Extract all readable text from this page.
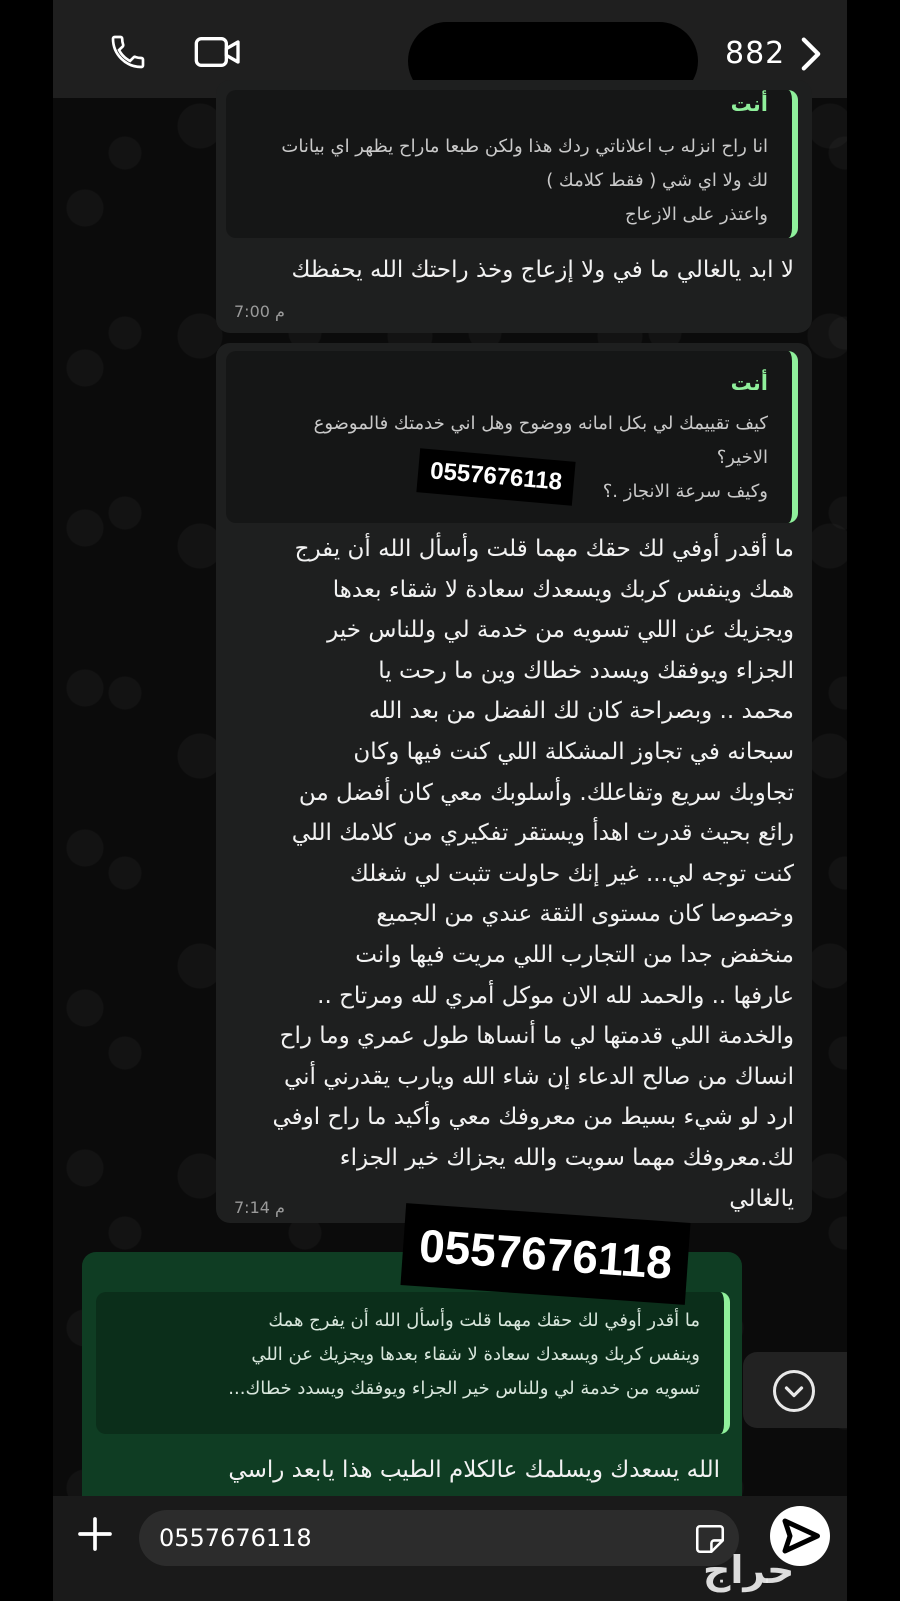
882
أنت
انا راح انزله ب اعلاناتي ردك هذا ولكن طبعا ماراح يظهر اي بيانات
لك ولا اي شي ( فقط كلامك )
واعتذر على الازعاج
لا ابد يالغالي ما في ولا إزعاج وخذ راحتك الله يحفظك
7:00 م
أنت
كيف تقييمك لي بكل امانه ووضوح وهل اني خدمتك فالموضوع
الاخير؟
وكيف سرعة الانجاز .؟
ما أقدر أوفي لك حقك مهما قلت وأسأل الله أن يفرج
همك وينفس كربك ويسعدك سعادة لا شقاء بعدها
ويجزيك عن اللي تسويه من خدمة لي وللناس خير
الجزاء ويوفقك ويسدد خطاك وين ما رحت يا
محمد .. وبصراحة كان لك الفضل من بعد الله
سبحانه في تجاوز المشكلة اللي كنت فيها وكان
تجاوبك سريع وتفاعلك. وأسلوبك معي كان أفضل من
رائع بحيث قدرت اهدأ ويستقر تفكيري من كلامك اللي
كنت توجه لي... غير إنك حاولت تثبت لي شغلك
وخصوصا كان مستوى الثقة عندي من الجميع
منخفض جدا من التجارب اللي مريت فيها وانت
عارفها .. والحمد لله الان موكل أمري لله ومرتاح ..
والخدمة اللي قدمتها لي ما أنساها طول عمري وما راح
انساك من صالح الدعاء إن شاء الله ويارب يقدرني أني
ارد لو شيء بسيط من معروفك معي وأكيد ما راح اوفي
لك.معروفك مهما سويت والله يجزاك خير الجزاء
يالغالي
7:14 م
ما أقدر أوفي لك حقك مهما قلت وأسأل الله أن يفرج همك
وينفس كربك ويسعدك سعادة لا شقاء بعدها ويجزيك عن اللي
تسويه من خدمة لي وللناس خير الجزاء ويوفقك ويسدد خطاك...
الله يسعدك ويسلمك عالكلام الطيب هذا يابعد راسي
0557676118
0557676118
0557676118
حراج
